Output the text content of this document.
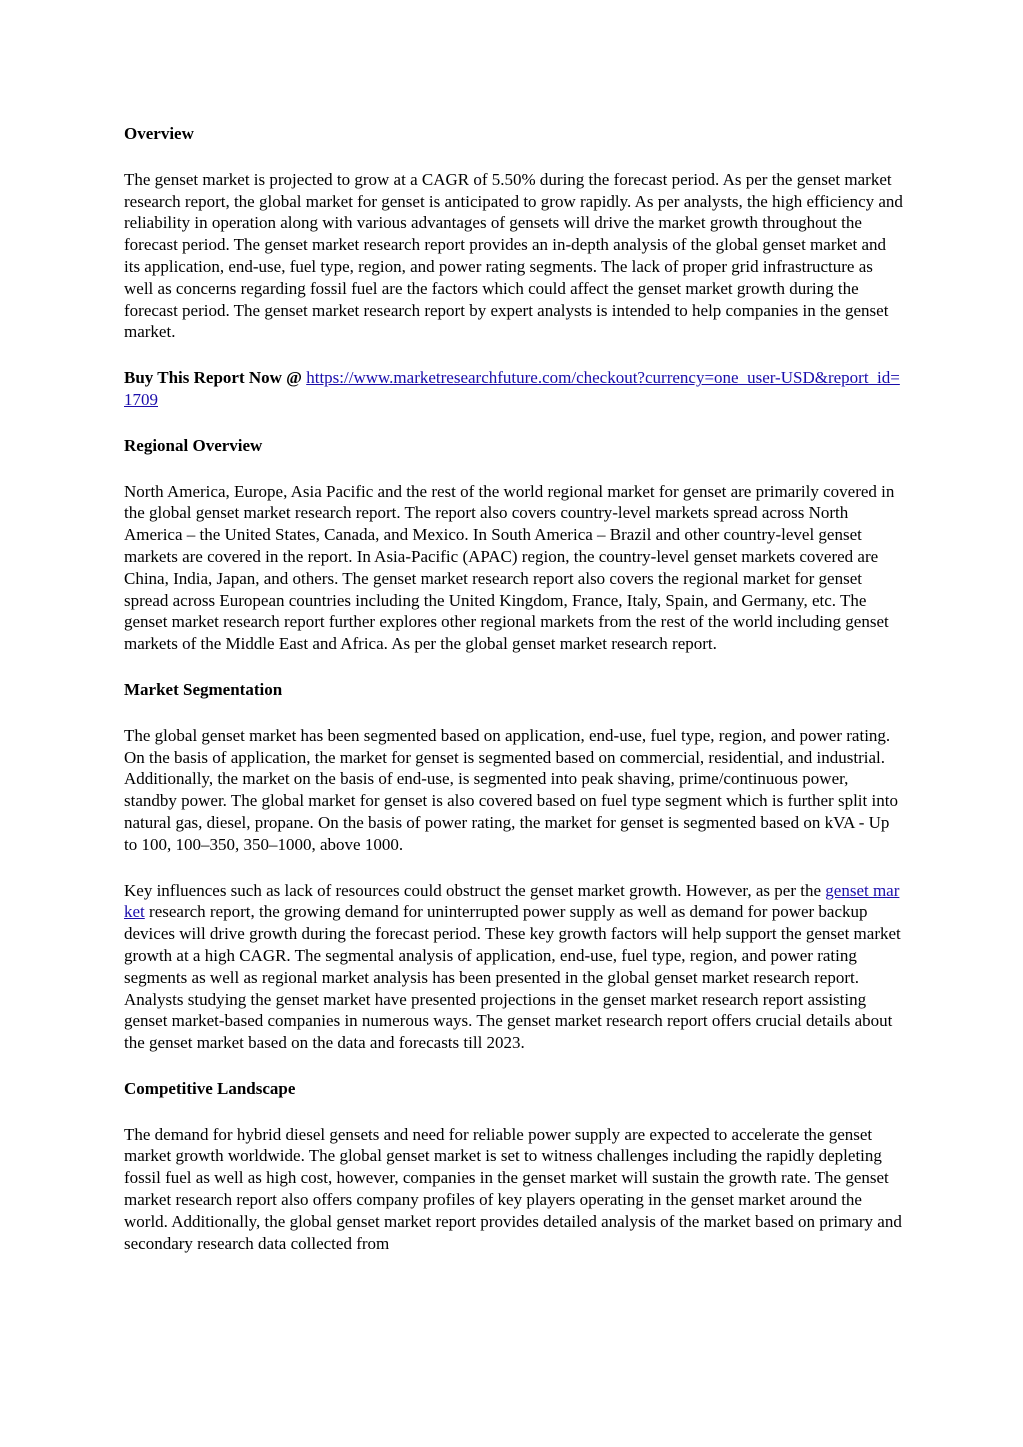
Overview
The genset market is projected to grow at a CAGR of 5.50% during the forecast period. As per the genset market research report, the global market for genset is anticipated to grow rapidly. As per analysts, the high efficiency and reliability in operation along with various advantages of gensets will drive the market growth throughout the forecast period. The genset market research report provides an in-depth analysis of the global genset market and its application, end-use, fuel type, region, and power rating segments. The lack of proper grid infrastructure as well as concerns regarding fossil fuel are the factors which could affect the genset market growth during the forecast period. The genset market research report by expert analysts is intended to help companies in the genset market.
Buy This Report Now @ https://www.marketresearchfuture.com/checkout?currency=one_user-USD&report_id=1709
Regional Overview
North America, Europe, Asia Pacific and the rest of the world regional market for genset are primarily covered in the global genset market research report. The report also covers country-level markets spread across North America – the United States, Canada, and Mexico. In South America – Brazil and other country-level genset markets are covered in the report. In Asia-Pacific (APAC) region, the country-level genset markets covered are China, India, Japan, and others. The genset market research report also covers the regional market for genset spread across European countries including the United Kingdom, France, Italy, Spain, and Germany, etc. The genset market research report further explores other regional markets from the rest of the world including genset markets of the Middle East and Africa. As per the global genset market research report.
Market Segmentation
The global genset market has been segmented based on application, end-use, fuel type, region, and power rating. On the basis of application, the market for genset is segmented based on commercial, residential, and industrial. Additionally, the market on the basis of end-use, is segmented into peak shaving, prime/continuous power, standby power. The global market for genset is also covered based on fuel type segment which is further split into natural gas, diesel, propane. On the basis of power rating, the market for genset is segmented based on kVA - Up to 100, 100–350, 350–1000, above 1000.
Key influences such as lack of resources could obstruct the genset market growth. However, as per the genset market research report, the growing demand for uninterrupted power supply as well as demand for power backup devices will drive growth during the forecast period. These key growth factors will help support the genset market growth at a high CAGR. The segmental analysis of application, end-use, fuel type, region, and power rating segments as well as regional market analysis has been presented in the global genset market research report. Analysts studying the genset market have presented projections in the genset market research report assisting genset market-based companies in numerous ways. The genset market research report offers crucial details about the genset market based on the data and forecasts till 2023.
Competitive Landscape
The demand for hybrid diesel gensets and need for reliable power supply are expected to accelerate the genset market growth worldwide. The global genset market is set to witness challenges including the rapidly depleting fossil fuel as well as high cost, however, companies in the genset market will sustain the growth rate. The genset market research report also offers company profiles of key players operating in the genset market around the world. Additionally, the global genset market report provides detailed analysis of the market based on primary and secondary research data collected from
